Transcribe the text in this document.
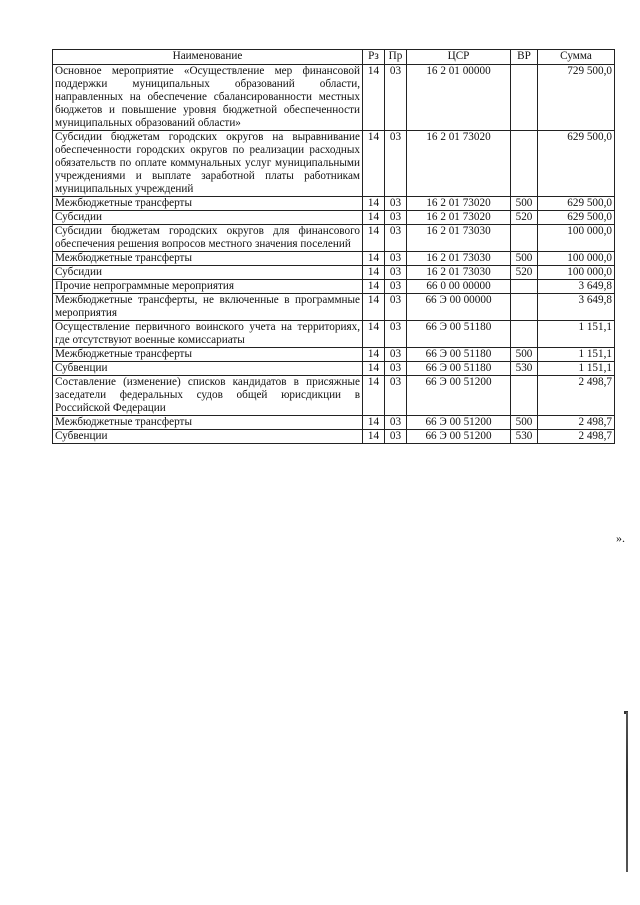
Наименование	Рз	Пр	ЦСР	ВР	Сумма
Основное мероприятие «Осуществление мер финансовой поддержки муниципальных образований области, направленных на обеспечение сбалансированности местных бюджетов и повышение уровня бюджетной обеспеченности муниципальных образований области»	14	03	16 2 01 00000		729 500,0
Субсидии бюджетам городских округов на выравнивание обеспеченности городских округов по реализации расходных обязательств по оплате коммунальных услуг муниципальными учреждениями и выплате заработной платы работникам муниципальных учреждений	14	03	16 2 01 73020		629 500,0
Межбюджетные трансферты	14	03	16 2 01 73020	500	629 500,0
Субсидии	14	03	16 2 01 73020	520	629 500,0
Субсидии бюджетам городских округов для финансового обеспечения решения вопросов местного значения поселений	14	03	16 2 01 73030		100 000,0
Межбюджетные трансферты	14	03	16 2 01 73030	500	100 000,0
Субсидии	14	03	16 2 01 73030	520	100 000,0
Прочие непрограммные мероприятия	14	03	66 0 00 00000		3 649,8
Межбюджетные трансферты, не включенные в программные мероприятия	14	03	66 Э 00 00000		3 649,8
Осуществление первичного воинского учета на территориях, где отсутствуют военные комиссариаты	14	03	66 Э 00 51180		1 151,1
Межбюджетные трансферты	14	03	66 Э 00 51180	500	1 151,1
Субвенции	14	03	66 Э 00 51180	530	1 151,1
Составление (изменение) списков кандидатов в присяжные заседатели федеральных судов общей юрисдикции в Российской Федерации	14	03	66 Э 00 51200		2 498,7
Межбюджетные трансферты	14	03	66 Э 00 51200	500	2 498,7
Субвенции	14	03	66 Э 00 51200	530	2 498,7
».
